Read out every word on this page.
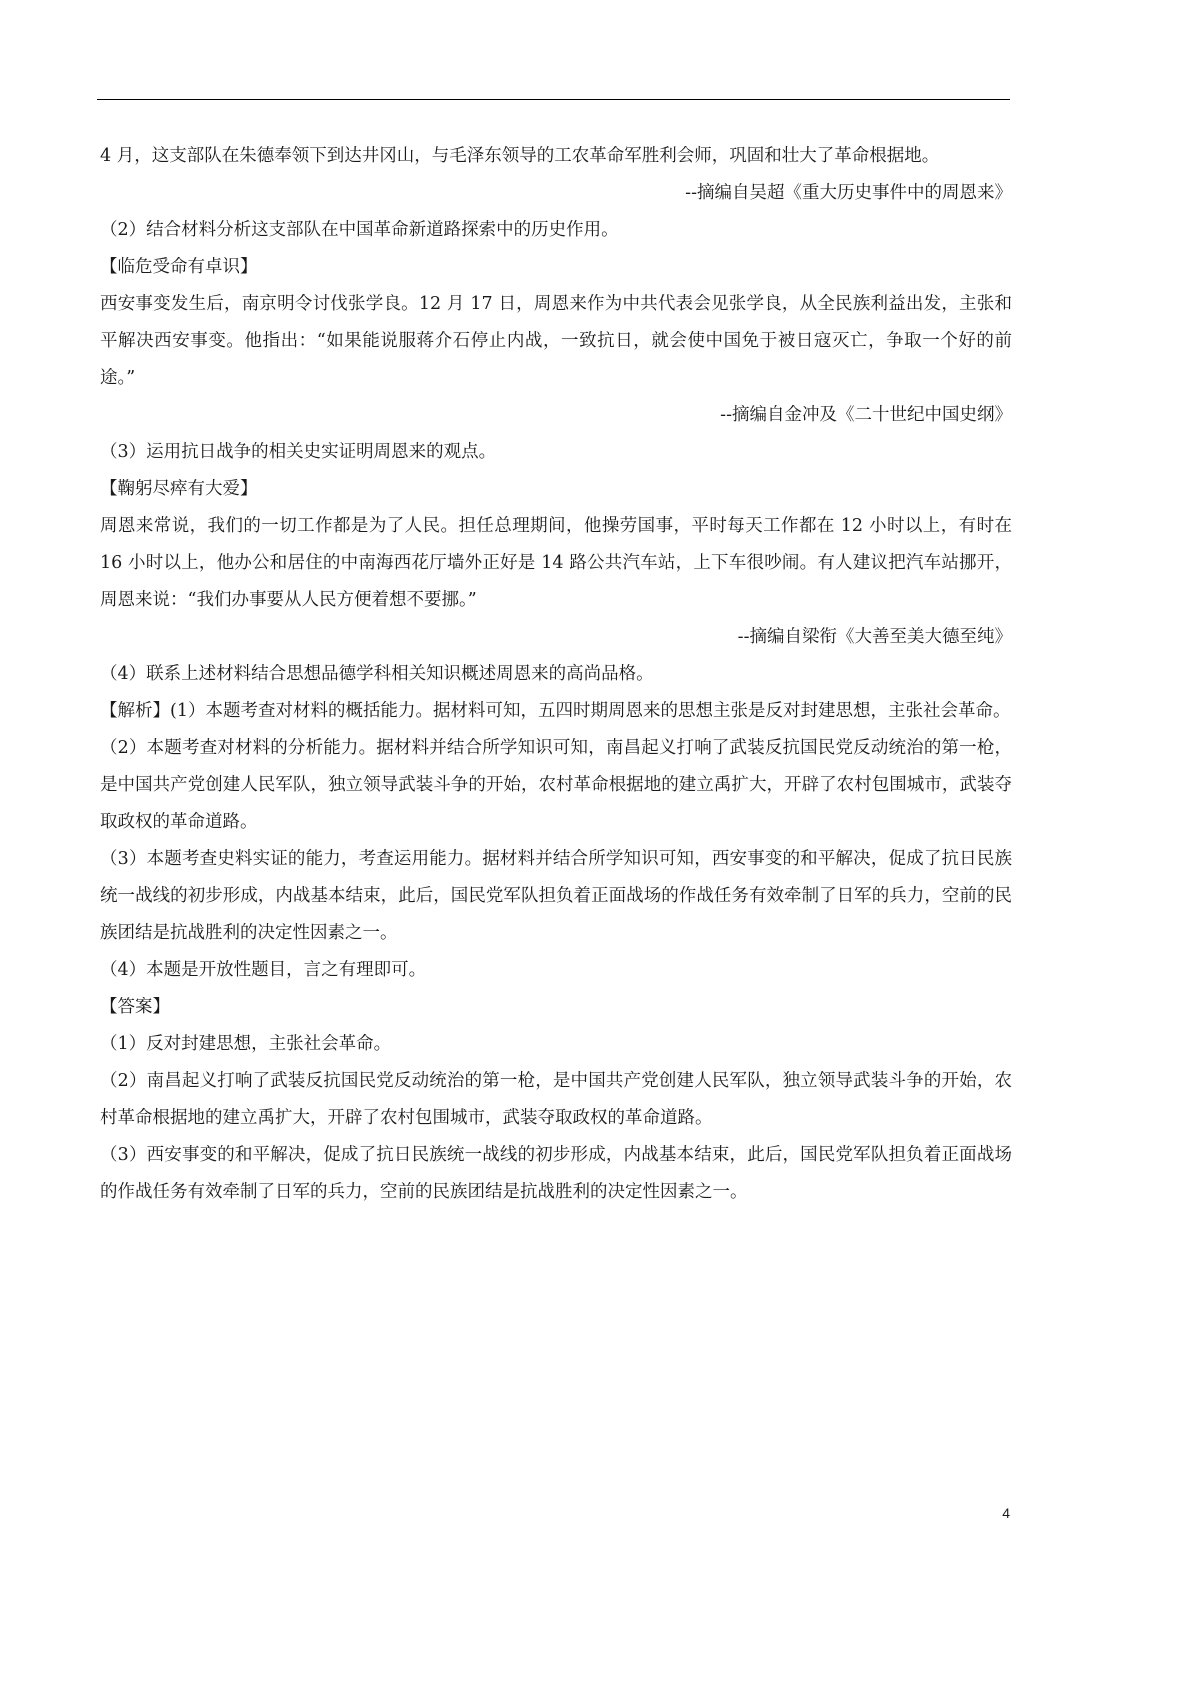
4 月，这支部队在朱德奉领下到达井冈山，与毛泽东领导的工农革命军胜利会师，巩固和壮大了革命根据地。

--摘编自吴超《重大历史事件中的周恩来》

（2）结合材料分析这支部队在中国革命新道路探索中的历史作用。

【临危受命有卓识】

西安事变发生后，南京明令讨伐张学良。12 月 17 日，周恩来作为中共代表会见张学良，从全民族利益出发，主张和平解决西安事变。他指出：“如果能说服蒋介石停止内战，一致抗日，就会使中国免于被日寇灭亡，争取一个好的前途。”

--摘编自金冲及《二十世纪中国史纲》

（3）运用抗日战争的相关史实证明周恩来的观点。

【鞠躬尽瘁有大爱】

周恩来常说，我们的一切工作都是为了人民。担任总理期间，他操劳国事，平时每天工作都在 12 小时以上，有时在 16 小时以上，他办公和居住的中南海西花厅墙外正好是 14 路公共汽车站，上下车很吵闹。有人建议把汽车站挪开，周恩来说：“我们办事要从人民方便着想不要挪。”

--摘编自梁衔《大善至美大德至纯》

（4）联系上述材料结合思想品德学科相关知识概述周恩来的高尚品格。

【解析】(1）本题考查对材料的概括能力。据材料可知，五四时期周恩来的思想主张是反对封建思想，主张社会革命。

（2）本题考查对材料的分析能力。据材料并结合所学知识可知，南昌起义打响了武装反抗国民党反动统治的第一枪，是中国共产党创建人民军队，独立领导武装斗争的开始，农村革命根据地的建立禹扩大，开辟了农村包围城市，武装夺取政权的革命道路。

（3）本题考查史料实证的能力，考查运用能力。据材料并结合所学知识可知，西安事变的和平解决，促成了抗日民族统一战线的初步形成，内战基本结束，此后，国民党军队担负着正面战场的作战任务有效牵制了日军的兵力，空前的民族团结是抗战胜利的决定性因素之一。

（4）本题是开放性题目，言之有理即可。

【答案】

（1）反对封建思想，主张社会革命。

（2）南昌起义打响了武装反抗国民党反动统治的第一枪，是中国共产党创建人民军队，独立领导武装斗争的开始，农村革命根据地的建立禹扩大，开辟了农村包围城市，武装夺取政权的革命道路。

（3）西安事变的和平解决，促成了抗日民族统一战线的初步形成，内战基本结束，此后，国民党军队担负着正面战场的作战任务有效牵制了日军的兵力，空前的民族团结是抗战胜利的决定性因素之一。

4
